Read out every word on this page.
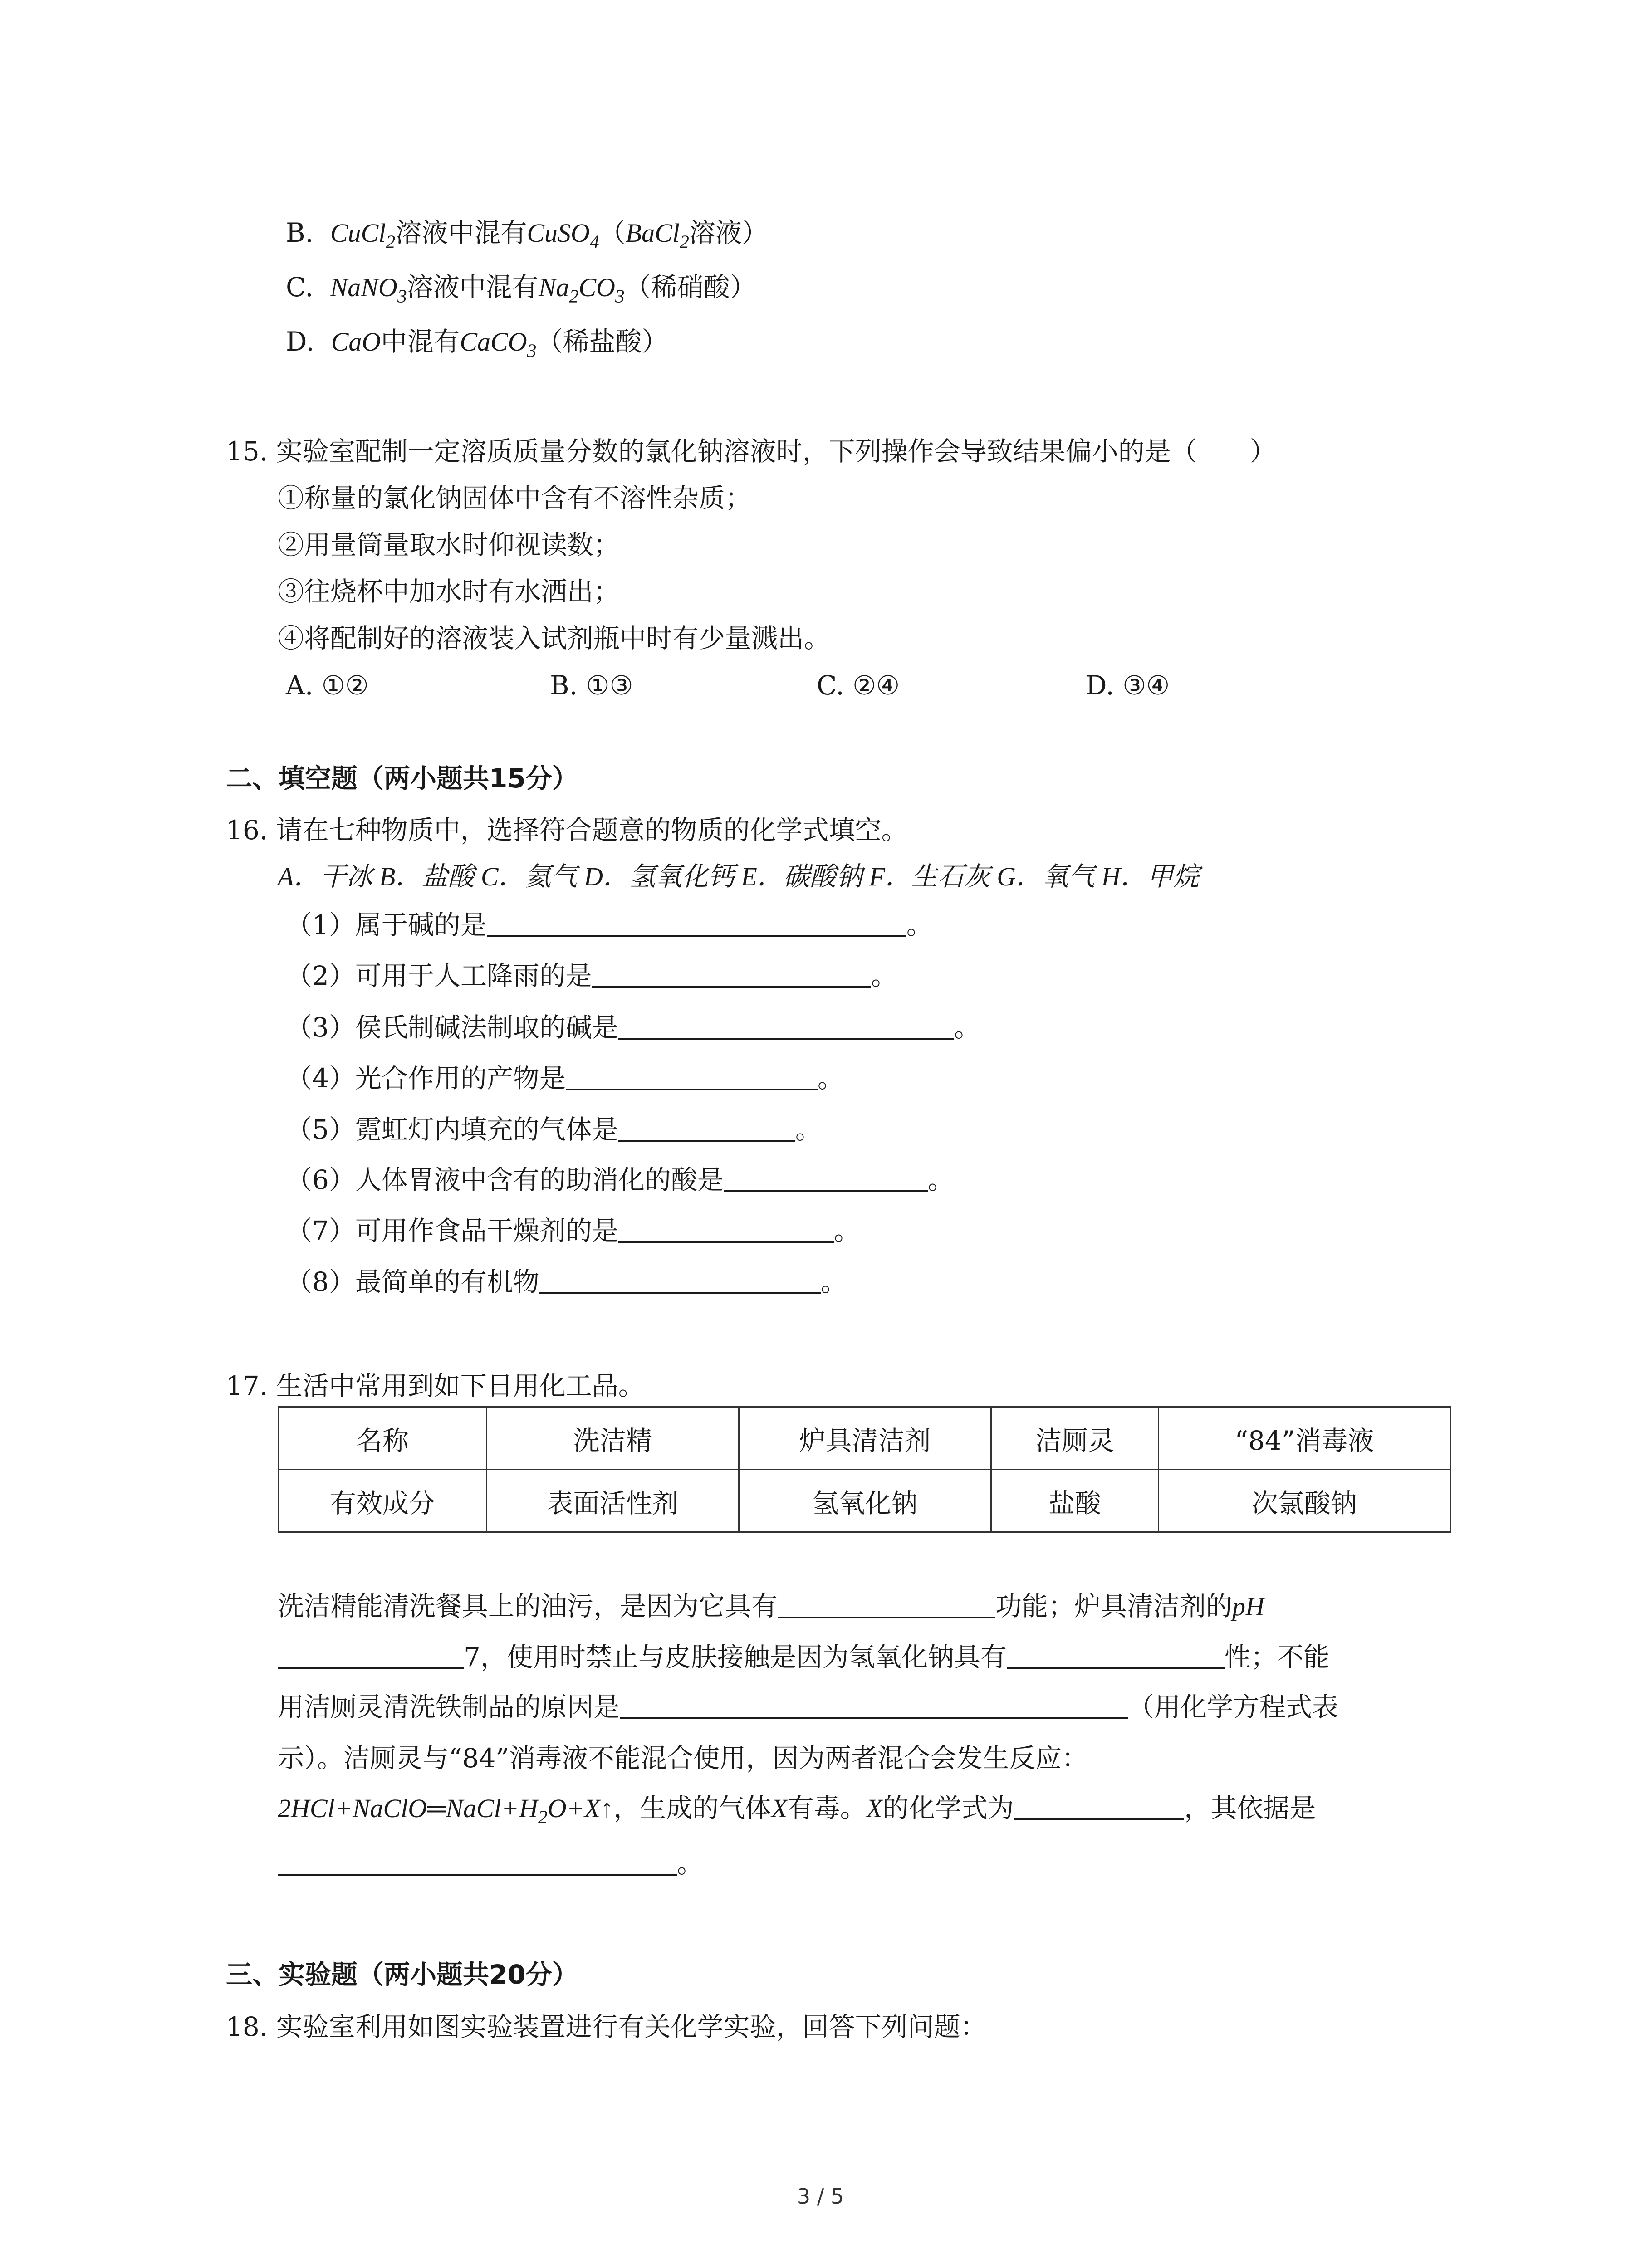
B. CuCl$_2$溶液中混有CuSO$_4$（BaCl$_2$溶液）
C. NaNO$_3$溶液中混有$Na_2CO_3$（稀硝酸）
D. CaO中混有CaCO$_3$（稀盐酸）
15. 实验室配制一定溶质质量分数的氯化钠溶液时，下列操作会导致结果偏小的是（　　）
①称量的氯化钠固体中含有不溶性杂质；
②用量筒量取水时仰视读数；
③往烧杯中加水时有水洒出；
④将配制好的溶液装入试剂瓶中时有少量溅出。
A. ①②	B. ①③	C. ②④	D. ③④
二、填空题（两小题共15分）
16. 请在七种物质中，选择符合题意的物质的化学式填空。
A．干冰 B．盐酸 C．氦气 D．氢氧化钙 E．碳酸钠 F．生石灰 G．氧气 H．甲烷
（1）属于碱的是	。
（2）可用于人工降雨的是	。
（3）侯氏制碱法制取的碱是	。
（4）光合作用的产物是	。
（5）霓虹灯内填充的气体是	。
（6）人体胃液中含有的助消化的酸是	。
（7）可用作食品干燥剂的是	。
（8）最简单的有机物	。
17. 生活中常用到如下日用化工品。
名称	洗洁精	炉具清洁剂	洁厕灵	“84”消毒液
有效成分	表面活性剂	氢氧化钠	盐酸	次氯酸钠
洗洁精能清洗餐具上的油污，是因为它具有	功能；炉具清洁剂的pH
7，使用时禁止与皮肤接触是因为氢氧化钠具有	性；不能
用洁厕灵清洗铁制品的原因是	（用化学方程式表
示）。洁厕灵与“84”消毒液不能混合使用，因为两者混合会发生反应：
$2HCl+NaClO═NaCl+H_2O+X↑$，生成的气体X有毒。X的化学式为	，其依据是
。
三、实验题（两小题共20分）
18. 实验室利用如图实验装置进行有关化学实验，回答下列问题：
3 / 5
